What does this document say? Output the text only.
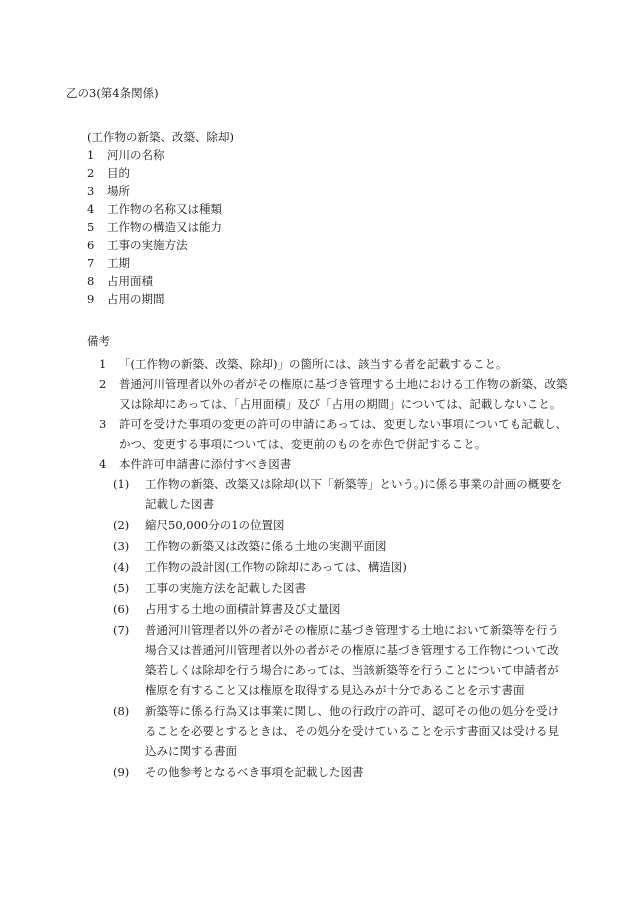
乙の3(第4条関係)
(工作物の新築、改築、除却)
1	河川の名称
2	目的
3	場所
4	工作物の名称又は種類
5	工作物の構造又は能力
6	工事の実施方法
7	工期
8	占用面積
9	占用の期間
備考
1	「(工作物の新築、改築、除却)」の箇所には、該当する者を記載すること。
2	普通河川管理者以外の者がその権原に基づき管理する土地における工作物の新築、改築又は除却にあっては、「占用面積」及び「占用の期間」については、記載しないこと。
3	許可を受けた事項の変更の許可の申請にあっては、変更しない事項についても記載し、かつ、変更する事項については、変更前のものを赤色で併記すること。
4	本件許可申請書に添付すべき図書
(1)	工作物の新築、改築又は除却(以下「新築等」という。)に係る事業の計画の概要を記載した図書
(2)	縮尺50,000分の1の位置図
(3)	工作物の新築又は改築に係る土地の実測平面図
(4)	工作物の設計図(工作物の除却にあっては、構造図)
(5)	工事の実施方法を記載した図書
(6)	占用する土地の面積計算書及び丈量図
(7)	普通河川管理者以外の者がその権原に基づき管理する土地において新築等を行う場合又は普通河川管理者以外の者がその権原に基づき管理する工作物について改築若しくは除却を行う場合にあっては、当該新築等を行うことについて申請者が権原を有すること又は権原を取得する見込みが十分であることを示す書面
(8)	新築等に係る行為又は事業に関し、他の行政庁の許可、認可その他の処分を受けることを必要とするときは、その処分を受けていることを示す書面又は受ける見込みに関する書面
(9)	その他参考となるべき事項を記載した図書
